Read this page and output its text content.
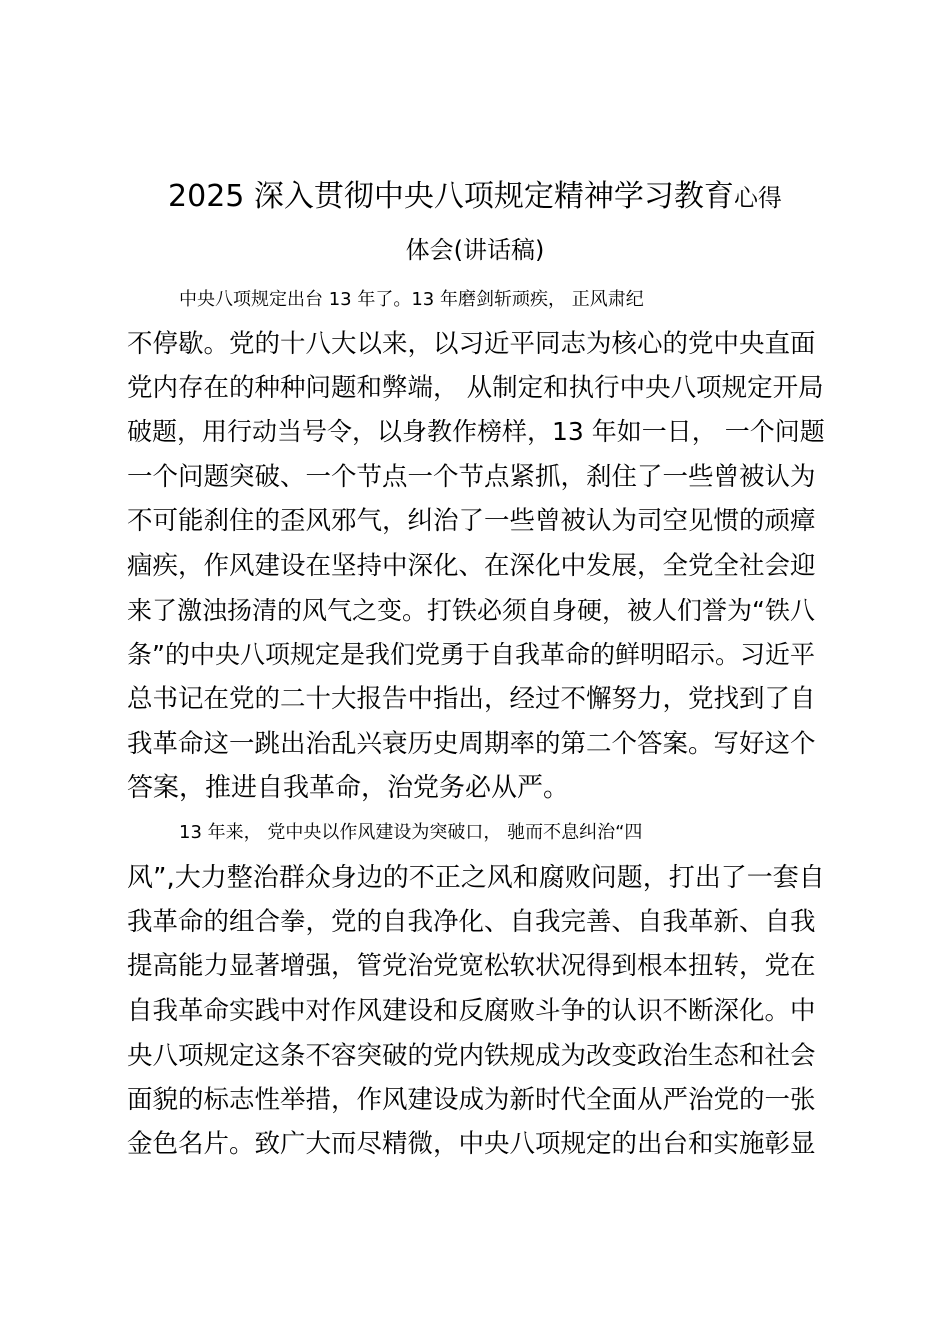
2025 深入贯彻中央八项规定精神学习教育心得
体会(讲话稿)
中央八项规定出台 13 年了。13 年磨剑斩顽疾， 正风肃纪
不停歇。党的十八大以来，以习近平同志为核心的党中央直面
党内存在的种种问题和弊端， 从制定和执行中央八项规定开局
破题，用行动当号令，以身教作榜样，13 年如一日， 一个问题
一个问题突破、一个节点一个节点紧抓，刹住了一些曾被认为
不可能刹住的歪风邪气，纠治了一些曾被认为司空见惯的顽瘴
痼疾，作风建设在坚持中深化、在深化中发展，全党全社会迎
来了激浊扬清的风气之变。打铁必须自身硬，被人们誉为“铁八
条”的中央八项规定是我们党勇于自我革命的鲜明昭示。习近平
总书记在党的二十大报告中指出，经过不懈努力，党找到了自
我革命这一跳出治乱兴衰历史周期率的第二个答案。写好这个
答案，推进自我革命，治党务必从严。
13 年来， 党中央以作风建设为突破口， 驰而不息纠治“四
风”,大力整治群众身边的不正之风和腐败问题，打出了一套自
我革命的组合拳，党的自我净化、自我完善、自我革新、自我
提高能力显著增强，管党治党宽松软状况得到根本扭转，党在
自我革命实践中对作风建设和反腐败斗争的认识不断深化。中
央八项规定这条不容突破的党内铁规成为改变政治生态和社会
面貌的标志性举措，作风建设成为新时代全面从严治党的一张
金色名片。致广大而尽精微，中央八项规定的出台和实施彰显
